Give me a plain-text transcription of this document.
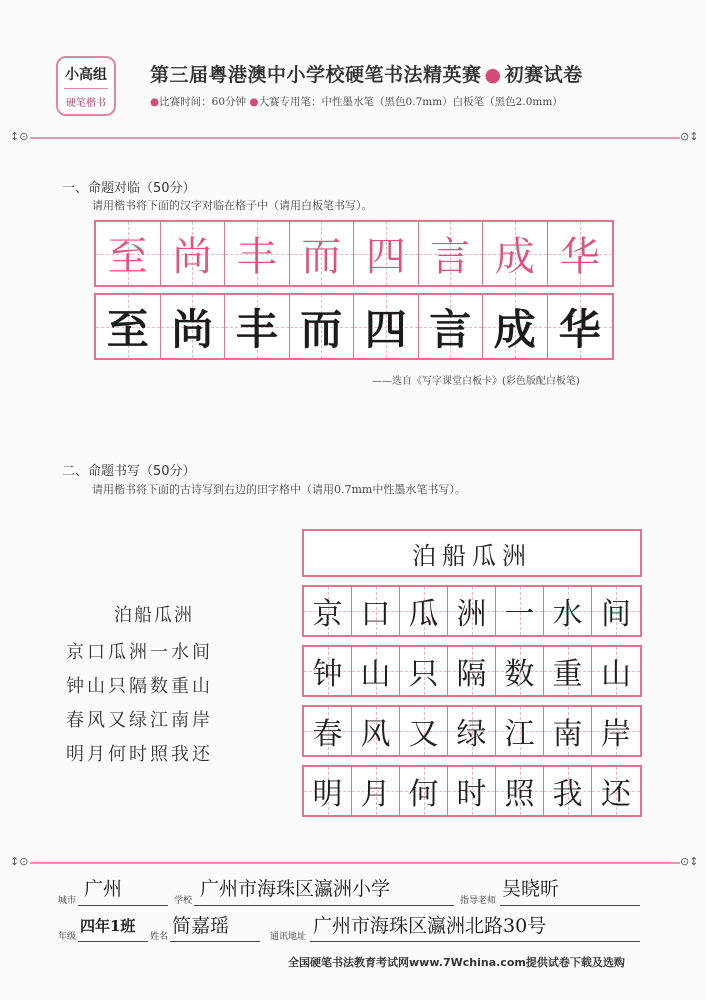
小高组
硬笔楷书
第三届粤港澳中小学校硬笔书法精英赛 ● 初赛试卷
●比赛时间：60分钟 ●大赛专用笔：中性墨水笔（黑色0.7mm）白板笔（黑色2.0mm）
↕⊙	⊙↕
一、命题对临（50分）
请用楷书将下面的汉字对临在格子中（请用白板笔书写）。
至 尚 丰 而 四 言 成 华
至 尚 丰 而 四 言 成 华
——选自《写字课堂白板卡》(彩色版配白板笔)
二、命题书写（50分）
请用楷书将下面的古诗写到右边的田字格中（请用0.7mm中性墨水笔书写）。
泊船瓜洲
京口瓜洲一水间
钟山只隔数重山
春风又绿江南岸
明月何时照我还
泊船瓜洲
京 口 瓜 洲 一 水 间
钟 山 只 隔 数 重 山
春 风 又 绿 江 南 岸
明 月 何 时 照 我 还
↕⊙	⊙↕
城市
广州
学校
广州市海珠区瀛洲小学
指导老师
吴晓昕
年级
四年1班
姓名 简嘉瑶	通讯地址 广州市海珠区瀛洲北路30号
全国硬笔书法教育考试网www.7Wchina.com提供试卷下载及选购
